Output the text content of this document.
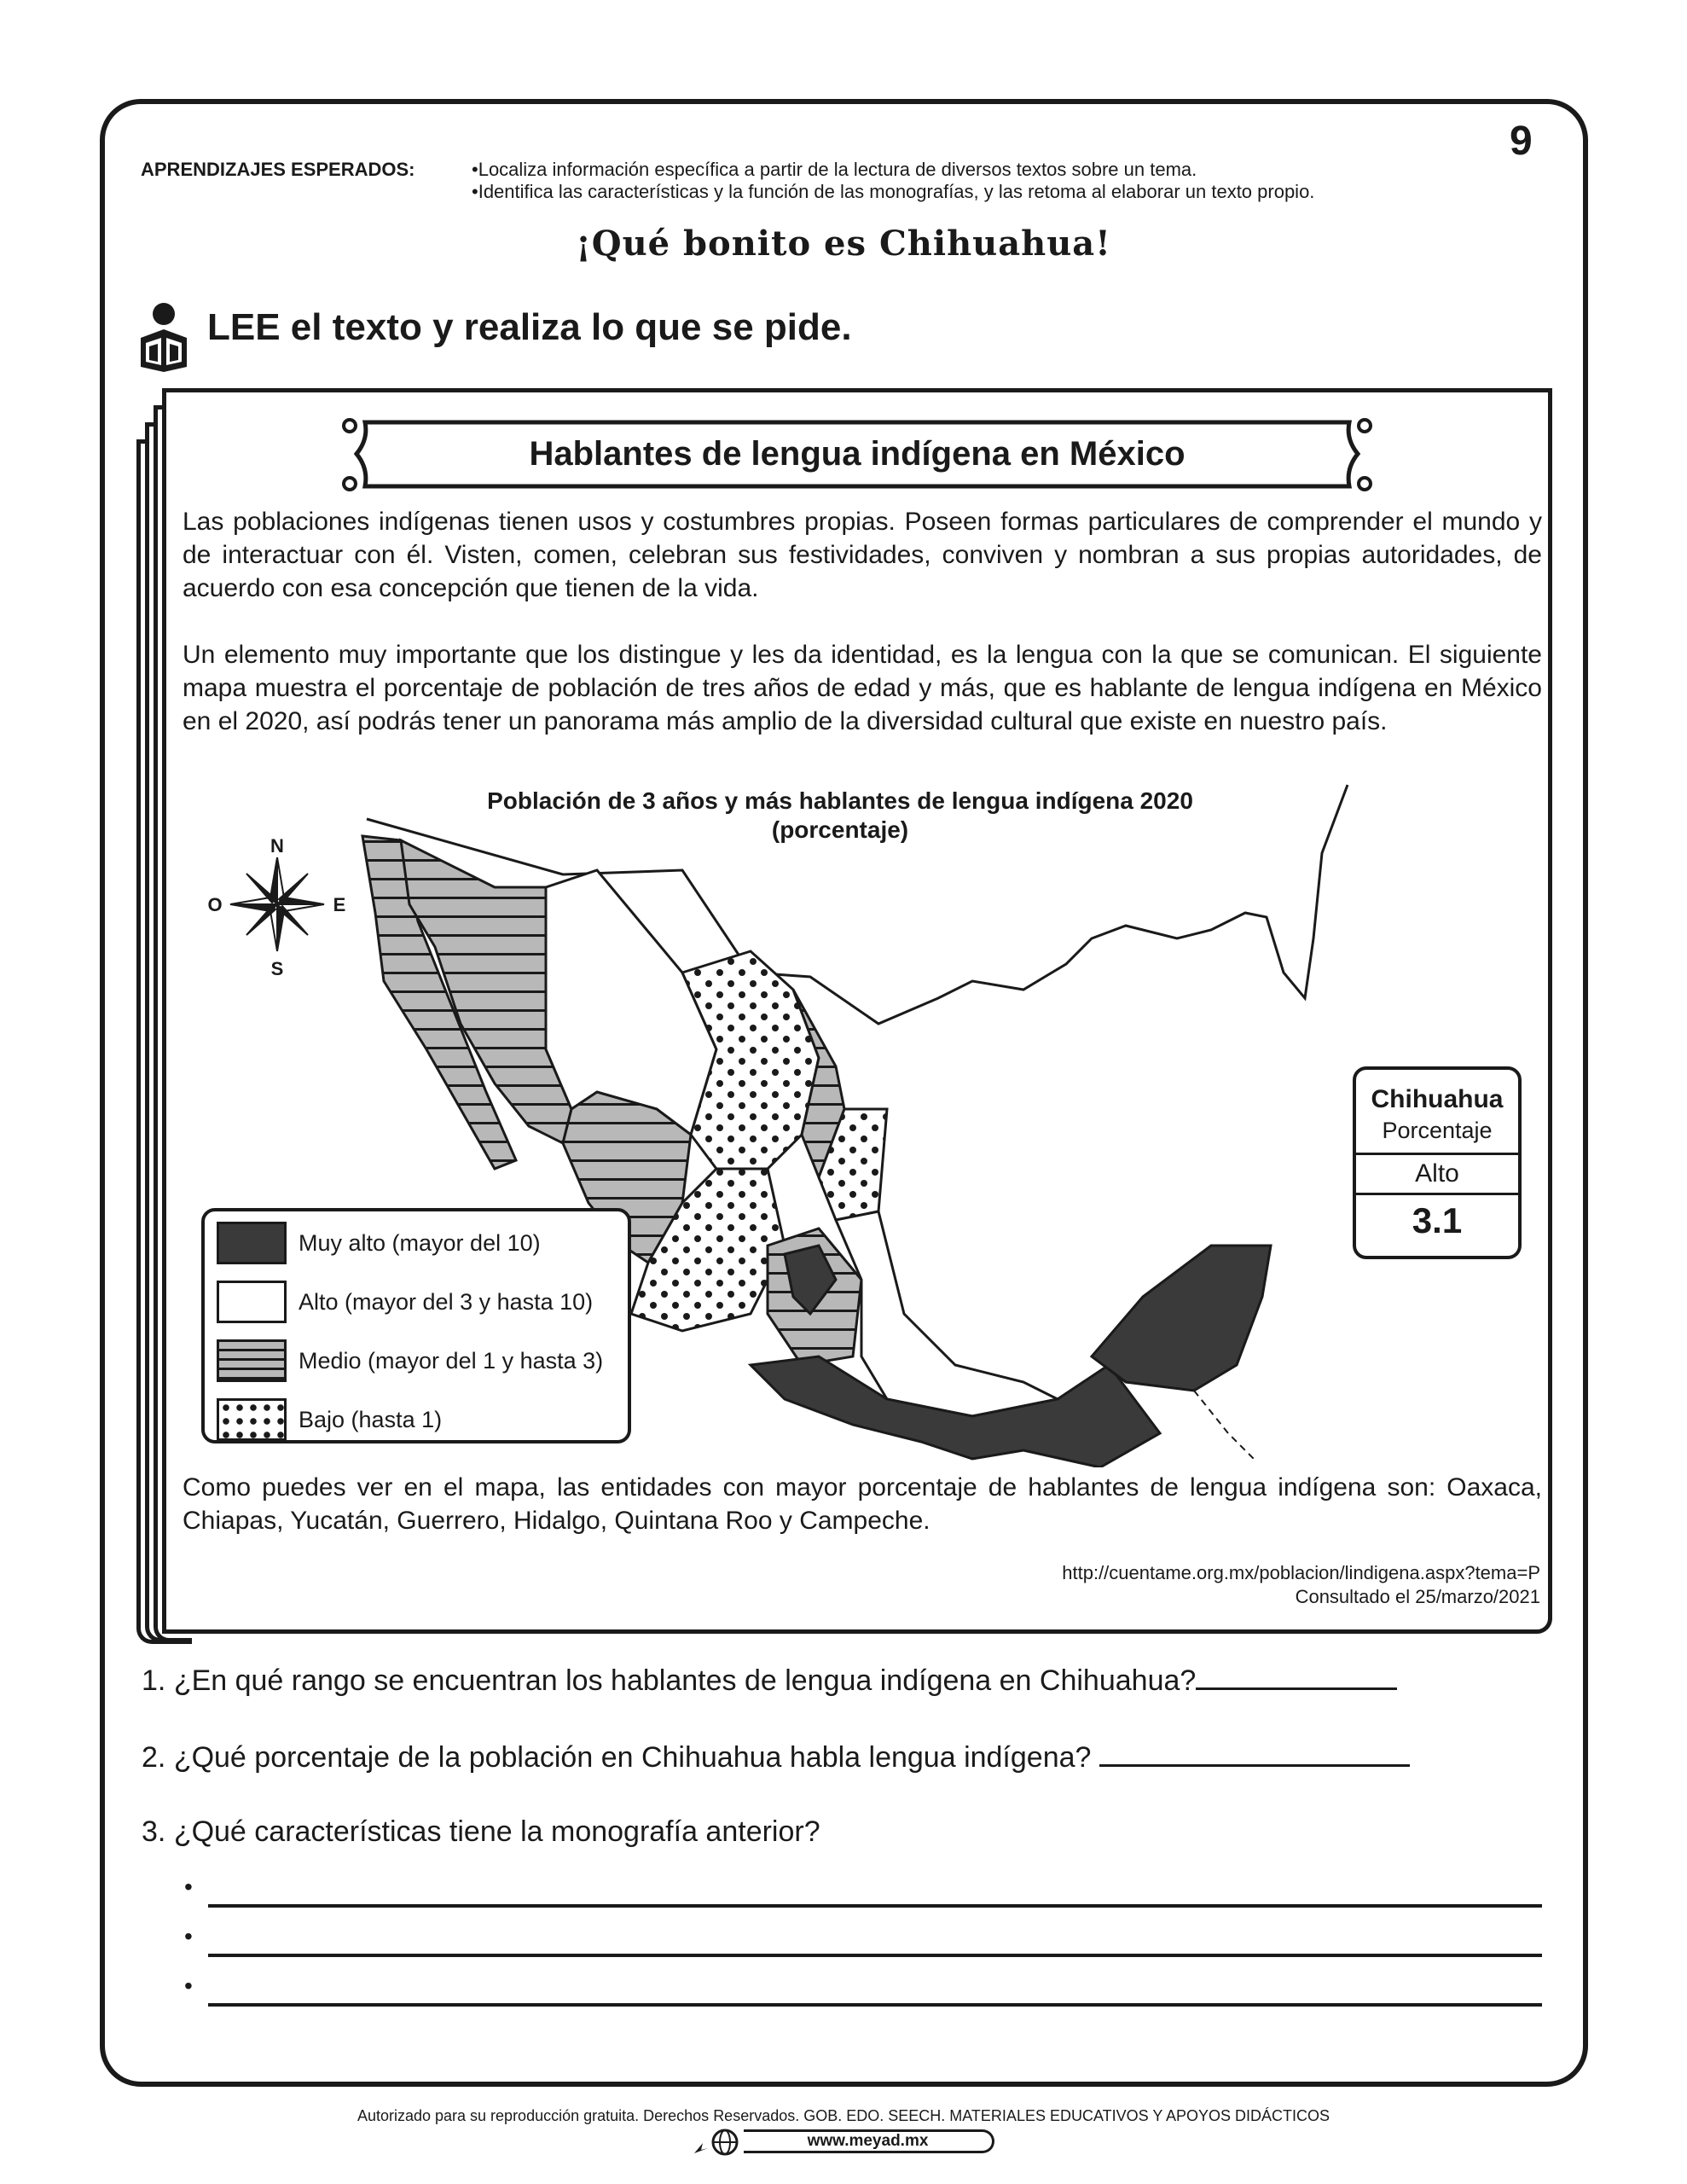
9
APRENDIZAJES ESPERADOS:	•Localiza información específica a partir de la lectura de diversos textos sobre un tema.
•Identifica las características y la función de las monografías, y las retoma al elaborar un texto propio.
¡Qué bonito es Chihuahua!
LEE el texto y realiza lo que se pide.
Hablantes de lengua indígena en México
Las poblaciones indígenas tienen usos y costumbres propias. Poseen formas particulares de comprender el mundo y de interactuar con él. Visten, comen, celebran sus festividades, conviven y nombran a sus propias autoridades, de acuerdo con esa concepción que tienen de la vida.
Un elemento muy importante que los distingue y les da identidad, es la lengua con la que se comunican. El siguiente mapa muestra el porcentaje de población de tres años de edad y más, que es hablante de lengua indígena en México en el 2020, así podrás tener un panorama más amplio de la diversidad cultural que existe en nuestro país.
Población de 3 años y más hablantes de lengua indígena 2020
(porcentaje)
N
S
E
O
Muy alto (mayor del 10)
Alto (mayor del 3 y hasta 10)
Medio (mayor del 1 y hasta 3)
Bajo (hasta 1)
Chihuahua
Porcentaje
Alto
3.1
Como puedes ver en el mapa, las entidades con mayor porcentaje de hablantes de lengua indígena son: Oaxaca, Chiapas, Yucatán, Guerrero, Hidalgo, Quintana Roo y Campeche.
http://cuentame.org.mx/poblacion/lindigena.aspx?tema=P
Consultado el 25/marzo/2021
1. ¿En qué rango se encuentran los hablantes de lengua indígena en Chihuahua?
2. ¿Qué porcentaje de la población en Chihuahua habla lengua indígena?
3. ¿Qué características tiene la monografía anterior?
•
•
•
Autorizado para su reproducción gratuita. Derechos Reservados. GOB. EDO. SEECH. MATERIALES EDUCATIVOS Y APOYOS DIDÁCTICOS
www.meyad.mx
